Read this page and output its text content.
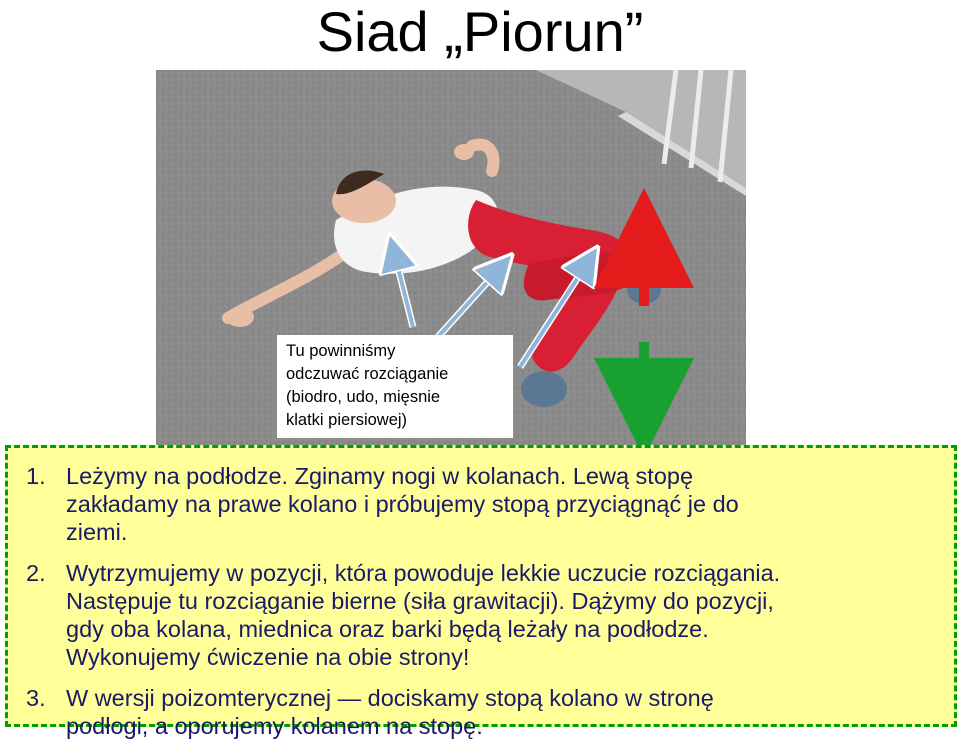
Siad „Piorun”
Tu powinniśmy
odczuwać rozciąganie
(biodro, udo, mięsnie
klatki piersiowej)
1. Leżymy na podłodze. Zginamy nogi w kolanach. Lewą stopę
zakładamy na prawe kolano i próbujemy stopą przyciągnąć je do
ziemi.
2. Wytrzymujemy w pozycji, która powoduje lekkie uczucie rozciągania.
Następuje tu rozciąganie bierne (siła grawitacji). Dążymy do pozycji,
gdy oba kolana, miednica oraz barki będą leżały na podłodze.
Wykonujemy ćwiczenie na obie strony!
3. W wersji poizomterycznej — dociskamy stopą kolano w stronę
podłogi, a oporujemy kolanem na stopę.
